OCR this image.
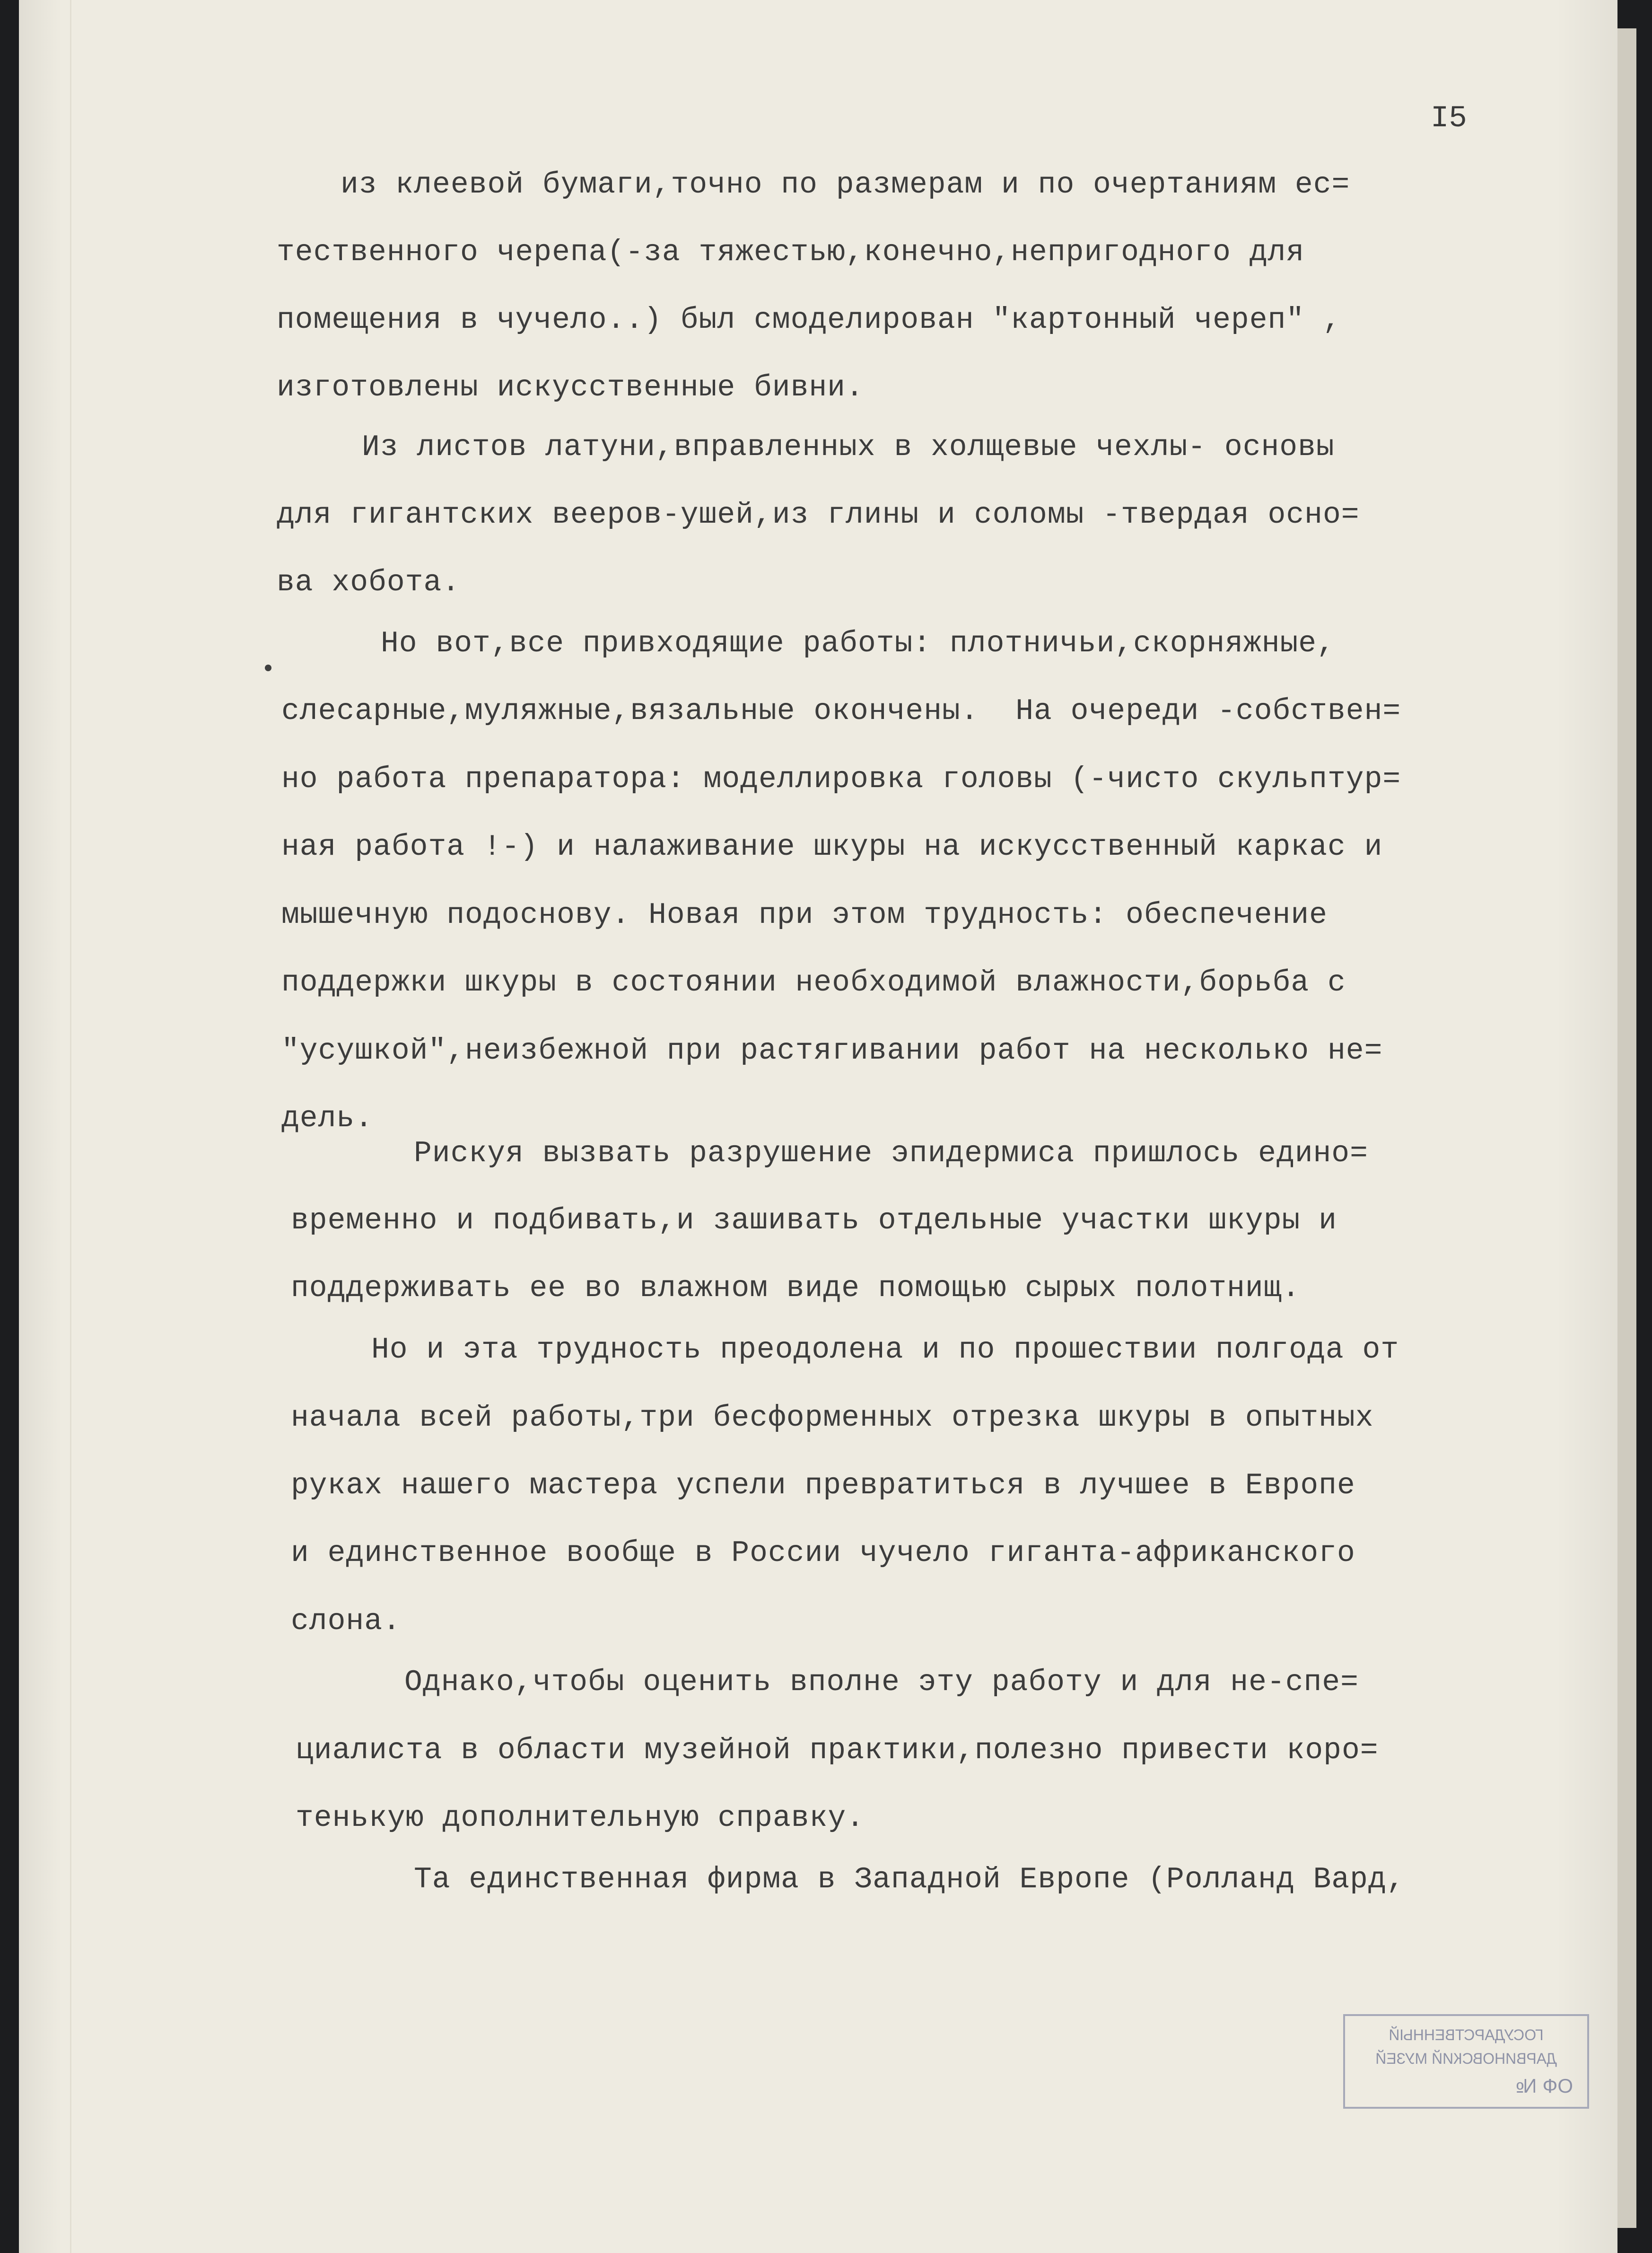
I5
из клеевой бумаги,точно по размерам и по очертаниям ес=
тественного черепа(-за тяжестью,конечно,непригодного для
помещения в чучело..) был смоделирован "картонный череп" ,
изготовлены искусственные бивни.
Из листов латуни,вправленных в холщевые чехлы- основы
для гигантских вееров-ушей,из глины и соломы -твердая осно=
ва хобота.
Но вот,все привходящие работы: плотничьи,скорняжные,
слесарные,муляжные,вязальные окончены.  На очереди -собствен=
но работа препаратора: моделлировка головы (-чисто скульптур=
ная работа !-) и налаживание шкуры на искусственный каркас и
мышечную подоснову. Новая при этом трудность: обеспечение
поддержки шкуры в состоянии необходимой влажности,борьба с
"усушкой",неизбежной при растягивании работ на несколько не=
дель.
Рискуя вызвать разрушение эпидермиса пришлось едино=
временно и подбивать,и зашивать отдельные участки шкуры и
поддерживать ее во влажном виде помощью сырых полотнищ.
Но и эта трудность преодолена и по прошествии полгода от
начала всей работы,три бесформенных отрезка шкуры в опытных
руках нашего мастера успели превратиться в лучшее в Европе
и единственное вообще в России чучело гиганта-африканского
слона.
Однако,чтобы оценить вполне эту работу и для не-спе=
циалиста в области музейной практики,полезно привести коро=
тенькую дополнительную справку.
Та единственная фирма в Западной Европе (Ролланд Вард,
ГОСУДАРСТВЕННЫЙ
ДАРВИНОВСКИЙ МУЗЕЙ
ОФ №
